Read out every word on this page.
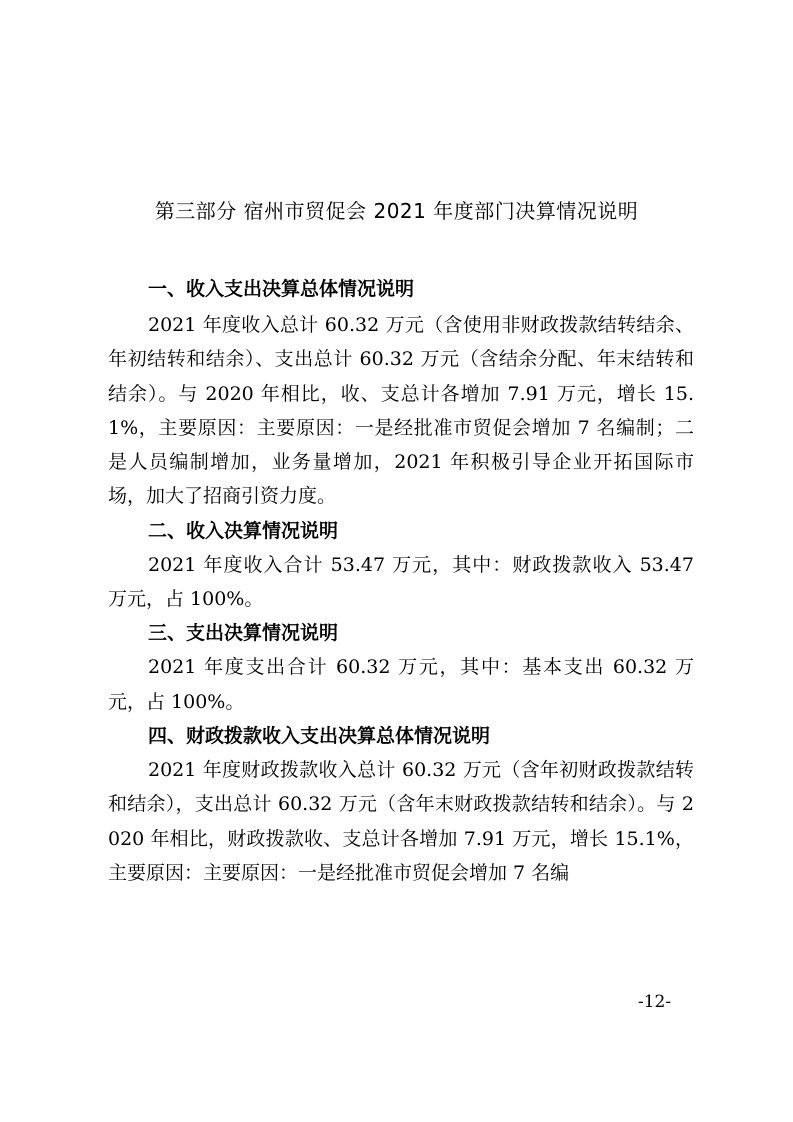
第三部分 宿州市贸促会 2021 年度部门决算情况说明
一、收入支出决算总体情况说明

2021 年度收入总计 60.32 万元（含使用非财政拨款结转结余、年初结转和结余）、支出总计 60.32 万元（含结余分配、年末结转和结余）。与 2020 年相比，收、支总计各增加 7.91 万元，增长 15.1%，主要原因：主要原因：一是经批准市贸促会增加 7 名编制；二是人员编制增加，业务量增加，2021 年积极引导企业开拓国际市场，加大了招商引资力度。

二、收入决算情况说明

2021 年度收入合计 53.47 万元，其中：财政拨款收入 53.47 万元，占 100%。

三、支出决算情况说明

2021 年度支出合计 60.32 万元，其中：基本支出 60.32 万元，占 100%。

四、财政拨款收入支出决算总体情况说明

2021 年度财政拨款收入总计 60.32 万元（含年初财政拨款结转和结余），支出总计 60.32 万元（含年末财政拨款结转和结余）。与 2020 年相比，财政拨款收、支总计各增加 7.91 万元，增长 15.1%，主要原因：主要原因：一是经批准市贸促会增加 7 名编

-12-
